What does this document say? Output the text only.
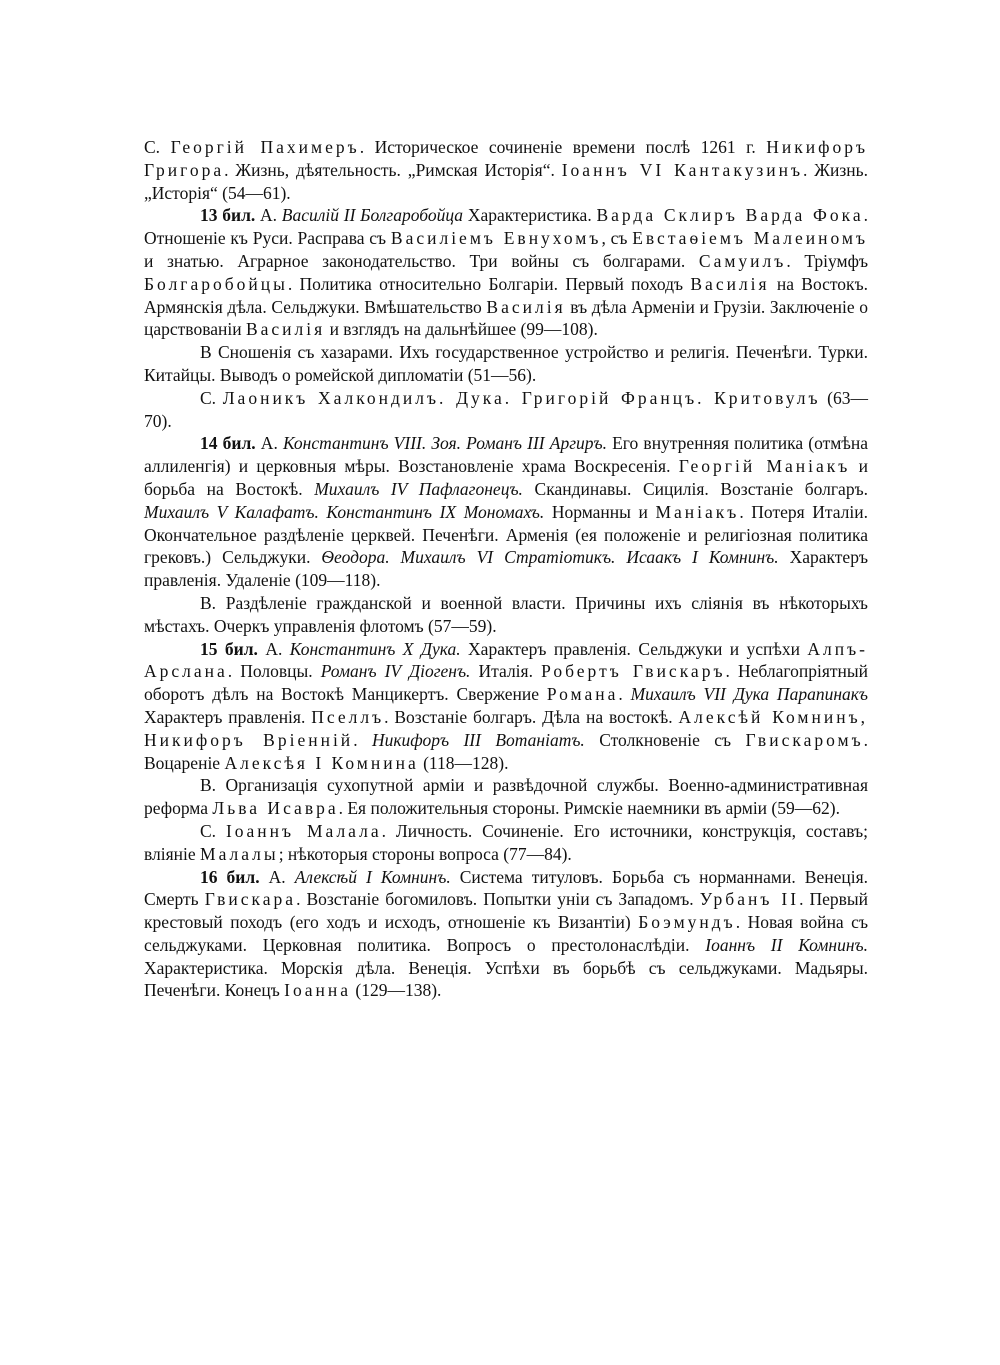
C. Георгій Пахимеръ. Историческое сочиненіе времени послѣ 1261 г. Никифоръ Григора. Жизнь, дѣятельность. „Римская Исторія“. Іоаннъ VI Кантакузинъ. Жизнь. „Исторія“ (54—61).

13 бил. A. Василій II Болгаробойца Характеристика. Варда Склиръ Варда Фока. Отношеніе къ Руси. Расправа съ Василіемъ Евнухомъ, съ Евстаѳіемъ Малеиномъ и знатью. Аграрное законодательство. Три войны съ болгарами. Самуилъ. Тріумфъ Болгаробойцы. Политика относительно Болгаріи. Первый походъ Василія на Востокъ. Армянскія дѣла. Сельджуки. Вмѣшательство Василія въ дѣла Арменіи и Грузіи. Заключеніе о царствованіи Василія и взглядъ на дальнѣйшее (99—108).

B Сношенія съ хазарами. Ихъ государственное устройство и религія. Печенѣги. Турки. Китайцы. Выводъ о ромейской дипломатіи (51—56).

C. Лаоникъ Халкондилъ. Дука. Григорій Францъ. Критовулъ (63—70).

14 бил. A. Константинъ VIII. Зоя. Романъ III Аргиръ. Его внутренняя политика (отмѣна аллиленгія) и церковныя мѣры. Возстановленіе храма Воскресенія. Георгій Маніакъ и борьба на Востокѣ. Михаилъ IV Пафлагонецъ. Скандинавы. Сицилія. Возстаніе болгаръ. Михаилъ V Калафатъ. Константинъ IX Мономахъ. Норманны и Маніакъ. Потеря Италіи. Окончательное раздѣленіе церквей. Печенѣги. Арменія (ея положеніе и религіозная политика грековъ.) Сельджуки. Ѳеодора. Михаилъ VI Стратіотикъ. Исаакъ I Комнинъ. Характеръ правленія. Удаленіе (109—118).

B. Раздѣленіе гражданской и военной власти. Причины ихъ сліянія въ нѣкоторыхъ мѣстахъ. Очеркъ управленія флотомъ (57—59).

15 бил. A. Константинъ X Дука. Характеръ правленія. Сельджуки и успѣхи Алпъ-Арслана. Половцы. Романъ IV Діогенъ. Италія. Робертъ Гвискаръ. Неблагопріятный оборотъ дѣлъ на Востокѣ Манцикертъ. Свержение Романа. Михаилъ VII Дука Парапинакъ Характеръ правленія. Пселлъ. Возстаніе болгаръ. Дѣла на востокѣ. Алексѣй Комнинъ, Никифоръ Вріенній. Никифоръ III Вотаніатъ. Столкновеніе съ Гвискаромъ. Воцареніе Алексѣя I Комнина (118—128).

B. Организація сухопутной арміи и развѣдочной службы. Военно-административная реформа Льва Исавра. Ея положительныя стороны. Римскіе наемники въ арміи (59—62).

C. Іоаннъ Малала. Личность. Сочиненіе. Его источники, конструкція, составъ; вліяніе Малалы; нѣкоторыя стороны вопроса (77—84).

16 бил. A. Алексѣй I Комнинъ. Система титуловъ. Борьба съ норманнами. Венеція. Смерть Гвискара. Возстаніе богомиловъ. Попытки уніи съ Западомъ. Урбанъ II. Первый крестовый походъ (его ходъ и исходъ, отношеніе къ Византіи) Боэмундъ. Новая война съ сельджуками. Церковная политика. Вопросъ о престолонаслѣдіи. Іоаннъ II Комнинъ. Характеристика. Морскія дѣла. Венеція. Успѣхи въ борьбѣ съ сельджуками. Мадьяры. Печенѣги. Конецъ Іоанна (129—138).
